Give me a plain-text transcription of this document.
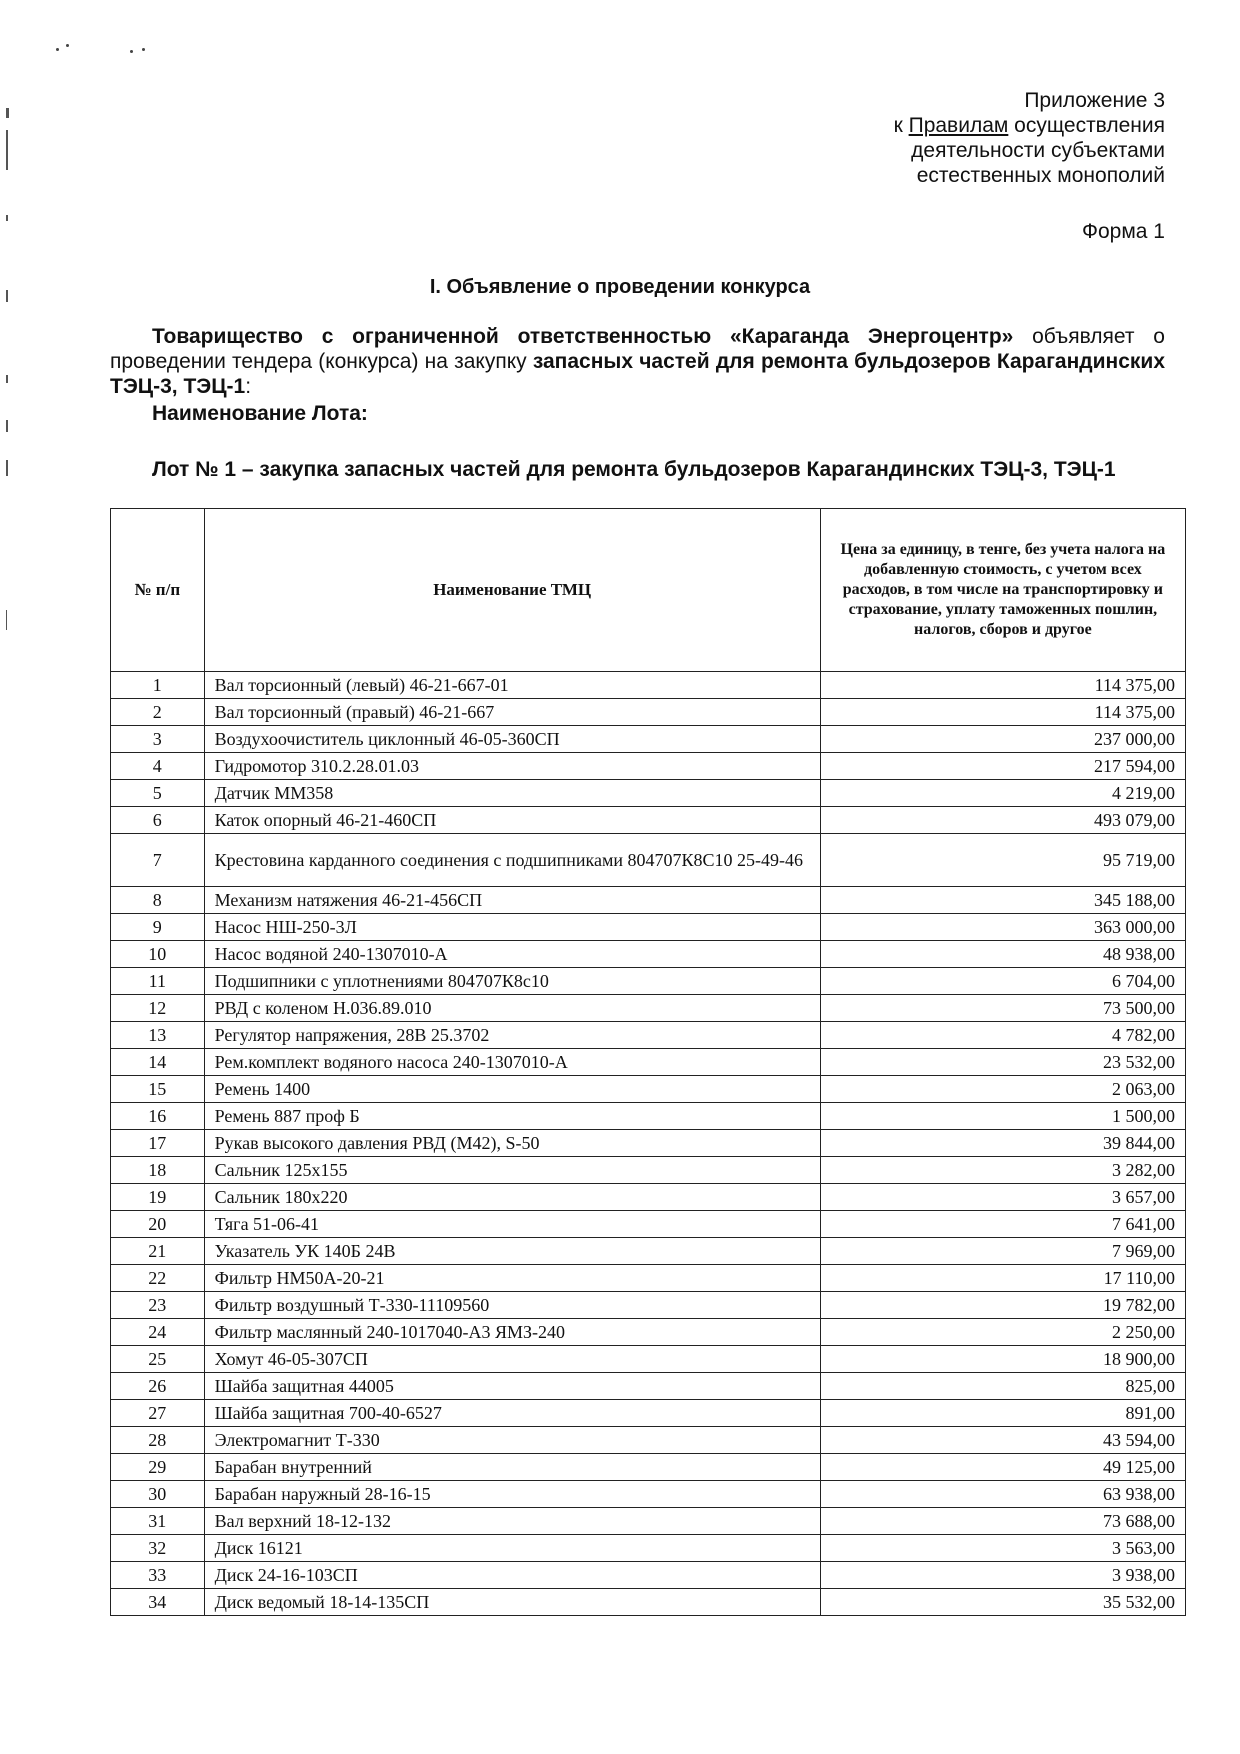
Приложение 3
к Правилам осуществления
деятельности субъектами
естественных монополий
Форма 1
I. Объявление о проведении конкурса
Товарищество с ограниченной ответственностью «Караганда Энергоцентр» объявляет о проведении тендера (конкурса) на закупку запасных частей для ремонта бульдозеров Карагандинских ТЭЦ-3, ТЭЦ-1:
Наименование Лота:
Лот № 1 – закупка запасных частей для ремонта бульдозеров Карагандинских ТЭЦ-3, ТЭЦ-1
№ п/п	Наименование ТМЦ	Цена за единицу, в тенге, без учета налога на добавленную стоимость, с учетом всех расходов, в том числе на транспортировку и страхование, уплату таможенных пошлин, налогов, сборов и другое
1	Вал торсионный (левый) 46-21-667-01	114 375,00
2	Вал торсионный (правый) 46-21-667	114 375,00
3	Воздухоочиститель циклонный 46-05-360СП	237 000,00
4	Гидромотор 310.2.28.01.03	217 594,00
5	Датчик ММ358	4 219,00
6	Каток опорный 46-21-460СП	493 079,00
7	Крестовина карданного соединения с подшипниками 804707К8С10 25-49-46	95 719,00
8	Механизм натяжения 46-21-456СП	345 188,00
9	Насос НШ-250-3Л	363 000,00
10	Насос водяной 240-1307010-А	48 938,00
11	Подшипники с уплотнениями 804707К8с10	6 704,00
12	РВД с коленом Н.036.89.010	73 500,00
13	Регулятор напряжения, 28В 25.3702	4 782,00
14	Рем.комплект водяного насоса 240-1307010-А	23 532,00
15	Ремень 1400	2 063,00
16	Ремень 887 проф Б	1 500,00
17	Рукав высокого давления РВД (М42), S-50	39 844,00
18	Сальник 125x155	3 282,00
19	Сальник 180x220	3 657,00
20	Тяга 51-06-41	7 641,00
21	Указатель УК 140Б 24В	7 969,00
22	Фильтр НМ50А-20-21	17 110,00
23	Фильтр воздушный Т-330-11109560	19 782,00
24	Фильтр маслянный 240-1017040-А3 ЯМЗ-240	2 250,00
25	Хомут 46-05-307СП	18 900,00
26	Шайба защитная 44005	825,00
27	Шайба защитная 700-40-6527	891,00
28	Электромагнит Т-330	43 594,00
29	Барабан внутренний	49 125,00
30	Барабан наружный 28-16-15	63 938,00
31	Вал верхний 18-12-132	73 688,00
32	Диск 16121	3 563,00
33	Диск 24-16-103СП	3 938,00
34	Диск ведомый 18-14-135СП	35 532,00
